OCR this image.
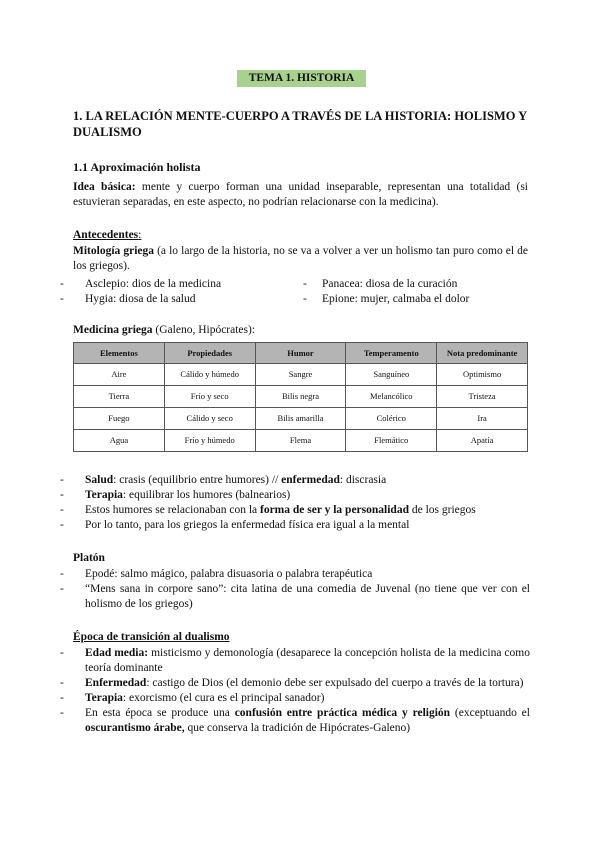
TEMA 1. HISTORIA
1. LA RELACIÓN MENTE-CUERPO A TRAVÉS DE LA HISTORIA: HOLISMO Y DUALISMO
1.1 Aproximación holista
Idea básica: mente y cuerpo forman una unidad inseparable, representan una totalidad (si estuvieran separadas, en este aspecto, no podrían relacionarse con la medicina).
Antecedentes:
Mitología griega (a lo largo de la historia, no se va a volver a ver un holismo tan puro como el de los griegos).
- Asclepio: dios de la medicina	- Panacea: diosa de la curación
- Hygia: diosa de la salud	- Epione: mujer, calmaba el dolor
Medicina griega (Galeno, Hipócrates):
Elementos	Propiedades	Humor	Temperamento	Nota predominante
Aire	Cálido y húmedo	Sangre	Sanguíneo	Optimismo
Tierra	Frío y seco	Bilis negra	Melancólico	Tristeza
Fuego	Cálido y seco	Bilis amarilla	Colérico	Ira
Agua	Frío y húmedo	Flema	Flemático	Apatía
- Salud: crasis (equilibrio entre humores) // enfermedad: discrasia
- Terapia: equilibrar los humores (balnearios)
- Estos humores se relacionaban con la forma de ser y la personalidad de los griegos
- Por lo tanto, para los griegos la enfermedad física era igual a la mental
Platón
- Epodé: salmo mágico, palabra disuasoria o palabra terapéutica
- “Mens sana in corpore sano”: cita latina de una comedia de Juvenal (no tiene que ver con el holismo de los griegos)
Época de transición al dualismo
- Edad media: misticismo y demonología (desaparece la concepción holista de la medicina como teoría dominante
- Enfermedad: castigo de Dios (el demonio debe ser expulsado del cuerpo a través de la tortura)
- Terapia: exorcismo (el cura es el principal sanador)
- En esta época se produce una confusión entre práctica médica y religión (exceptuando el oscurantismo árabe, que conserva la tradición de Hipócrates-Galeno)
